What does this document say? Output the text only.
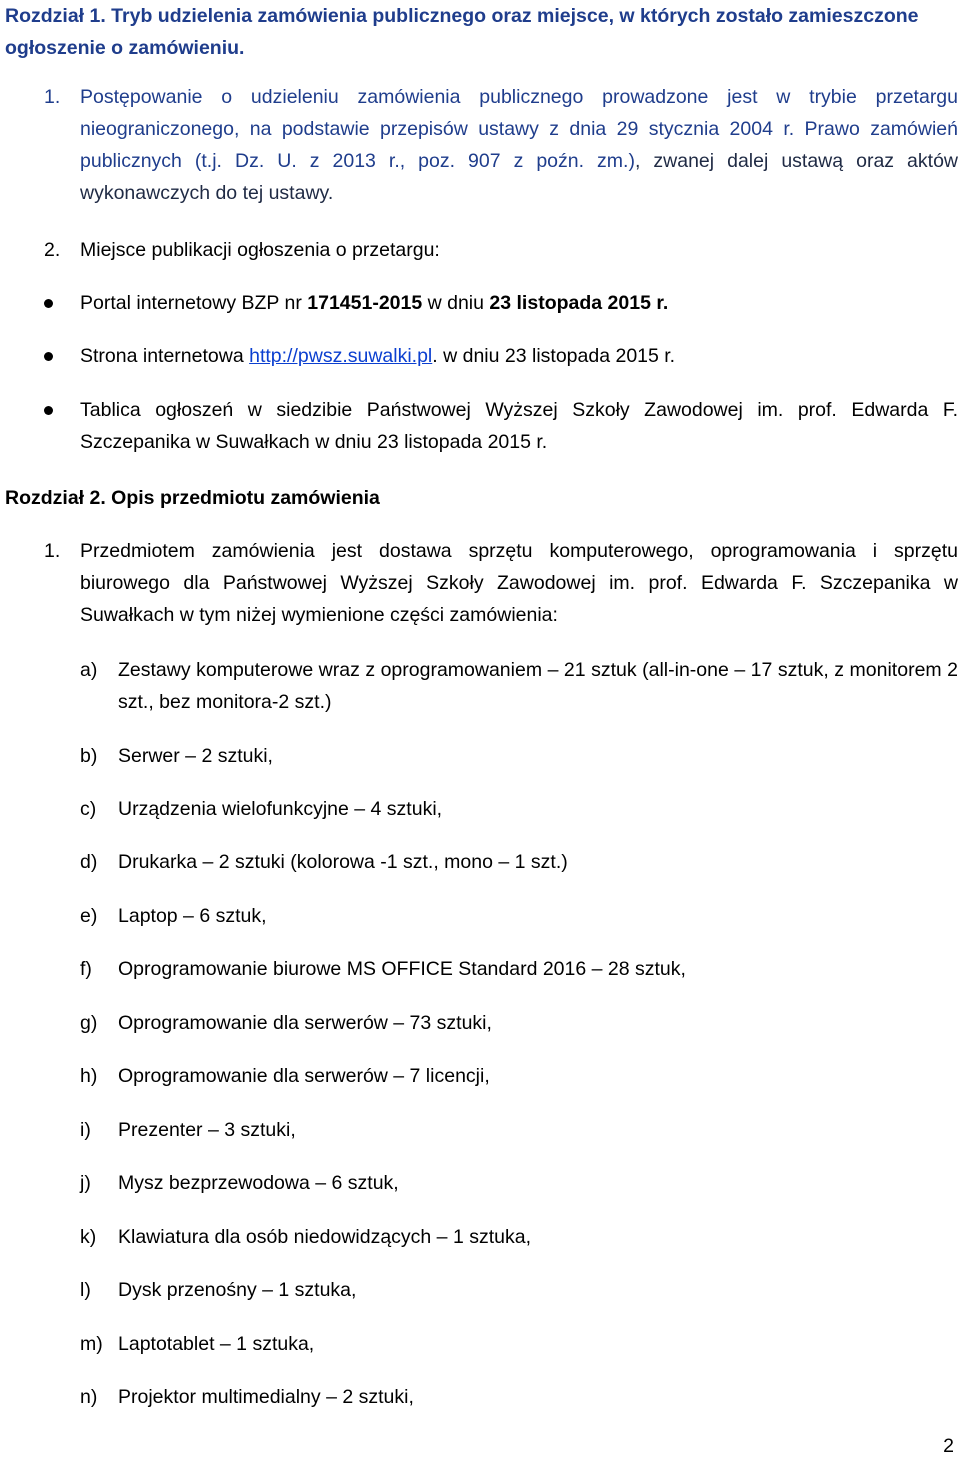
Rozdział 1. Tryb udzielenia zamówienia publicznego oraz miejsce, w których zostało zamieszczone
ogłoszenie o zamówieniu.
1. Postępowanie o udzieleniu zamówienia publicznego prowadzone jest w trybie przetargu nieograniczonego, na podstawie przepisów ustawy z dnia 29 stycznia 2004 r. Prawo zamówień publicznych (t.j. Dz. U. z 2013 r., poz. 907 z poźn. zm.), zwanej dalej ustawą oraz aktów wykonawczych do tej ustawy.
2. Miejsce publikacji ogłoszenia o przetargu:
Portal internetowy BZP nr 171451-2015 w dniu 23 listopada 2015 r.
Strona internetowa http://pwsz.suwalki.pl. w dniu 23 listopada 2015 r.
Tablica ogłoszeń w siedzibie Państwowej Wyższej Szkoły Zawodowej im. prof. Edwarda F. Szczepanika w Suwałkach w dniu 23 listopada 2015 r.
Rozdział 2. Opis przedmiotu zamówienia
1. Przedmiotem zamówienia jest dostawa sprzętu komputerowego, oprogramowania i sprzętu biurowego dla Państwowej Wyższej Szkoły Zawodowej im. prof. Edwarda F. Szczepanika w Suwałkach w tym niżej wymienione części zamówienia:
a)	Zestawy komputerowe wraz z oprogramowaniem – 21 sztuk (all-in-one – 17 sztuk, z monitorem 2 szt., bez monitora-2 szt.)
b)	Serwer – 2 sztuki,
c)	Urządzenia wielofunkcyjne – 4 sztuki,
d)	Drukarka – 2 sztuki (kolorowa -1 szt., mono – 1 szt.)
e)	Laptop – 6 sztuk,
f)	Oprogramowanie biurowe MS OFFICE Standard 2016 – 28 sztuk,
g)	Oprogramowanie dla serwerów – 73 sztuki,
h)	Oprogramowanie dla serwerów – 7 licencji,
i)	Prezenter – 3 sztuki,
j)	Mysz bezprzewodowa – 6 sztuk,
k)	Klawiatura dla osób niedowidzących – 1 sztuka,
l)	Dysk przenośny – 1 sztuka,
m) Laptotablet – 1 sztuka,
n)	Projektor multimedialny – 2 sztuki,
2
